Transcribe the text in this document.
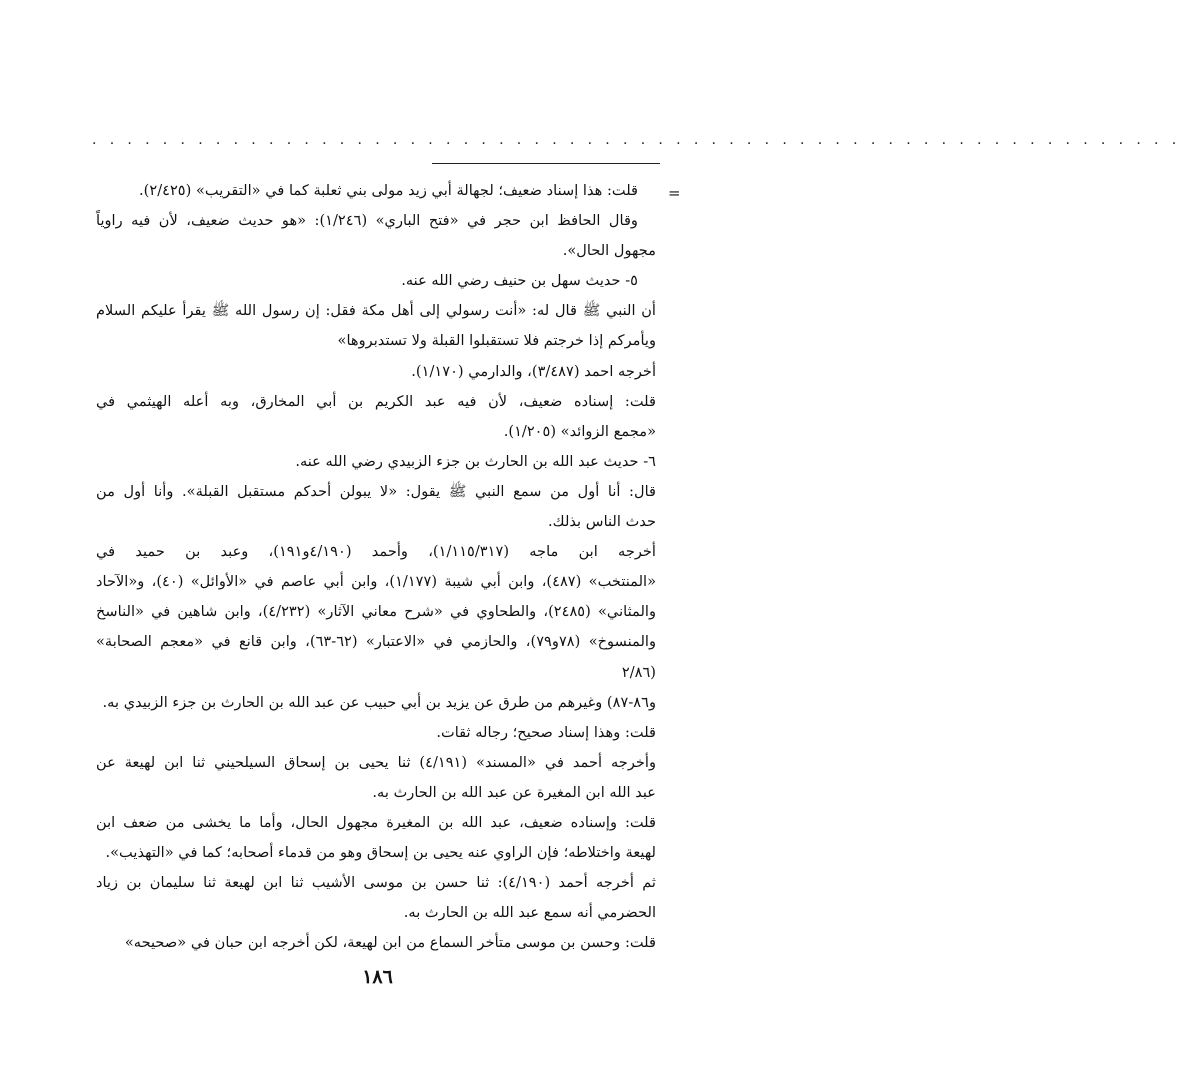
. . . . . . . . . . . . . . . . . . . . . . . . . . . . . . . . . . . . . . . . . . . . . . . . . . . . . . . . . . . . . .
=

قلت: هذا إسناد ضعيف؛ لجهالة أبي زيد مولى بني ثعلبة كما في «التقريب» (٢/٤٢٥).

وقال الحافظ ابن حجر في «فتح الباري» (١/٢٤٦): «هو حديث ضعيف، لأن فيه راوياً

مجهول الحال».

٥- حديث سهل بن حنيف رضي الله عنه.

أن النبي ﷺ قال له: «أنت رسولي إلى أهل مكة فقل: إن رسول الله ﷺ يقرأ عليكم السلام

ويأمركم إذا خرجتم فلا تستقبلوا القبلة ولا تستدبروها»

أخرجه احمد (٣/٤٨٧)، والدارمي (١/١٧٠).

قلت: إسناده ضعيف، لأن فيه عبد الكريم بن أبي المخارق، وبه أعله الهيثمي في

«مجمع الزوائد» (١/٢٠٥).

٦- حديث عبد الله بن الحارث بن جزء الزبيدي رضي الله عنه.

قال: أنا أول من سمع النبي ﷺ يقول: «لا يبولن أحدكم مستقبل القبلة». وأنا أول من

حدث الناس بذلك.

أخرجه ابن ماجه (١/١١٥/٣١٧)، وأحمد (٤/١٩٠و١٩١)، وعبد بن حميد في

«المنتخب» (٤٨٧)، وابن أبي شيبة (١/١٧٧)، وابن أبي عاصم في «الأوائل» (٤٠)، و«الآحاد

والمثاني» (٢٤٨٥)، والطحاوي في «شرح معاني الآثار» (٤/٢٣٢)، وابن شاهين في «الناسخ

والمنسوخ» (٧٨و٧٩)، والحازمي في «الاعتبار» (٦٢-٦٣)، وابن قانع في «معجم الصحابة» (٢/٨٦

و٨٦-٨٧) وغيرهم من طرق عن يزيد بن أبي حبيب عن عبد الله بن الحارث بن جزء الزبيدي به.

قلت: وهذا إسناد صحيح؛ رجاله ثقات.

وأخرجه أحمد في «المسند» (٤/١٩١) ثنا يحيى بن إسحاق السيلحيني ثنا ابن لهيعة عن

عبد الله ابن المغيرة عن عبد الله بن الحارث به.

قلت: وإسناده ضعيف، عبد الله بن المغيرة مجهول الحال، وأما ما يخشى من ضعف ابن

لهيعة واختلاطه؛ فإن الراوي عنه يحيى بن إسحاق وهو من قدماء أصحابه؛ كما في «التهذيب».

ثم أخرجه أحمد (٤/١٩٠): ثنا حسن بن موسى الأشيب ثنا ابن لهيعة ثنا سليمان بن زياد

الحضرمي أنه سمع عبد الله بن الحارث به.

قلت: وحسن بن موسى متأخر السماع من ابن لهيعة، لكن أخرجه ابن حبان في «صحيحه»

١٨٦
